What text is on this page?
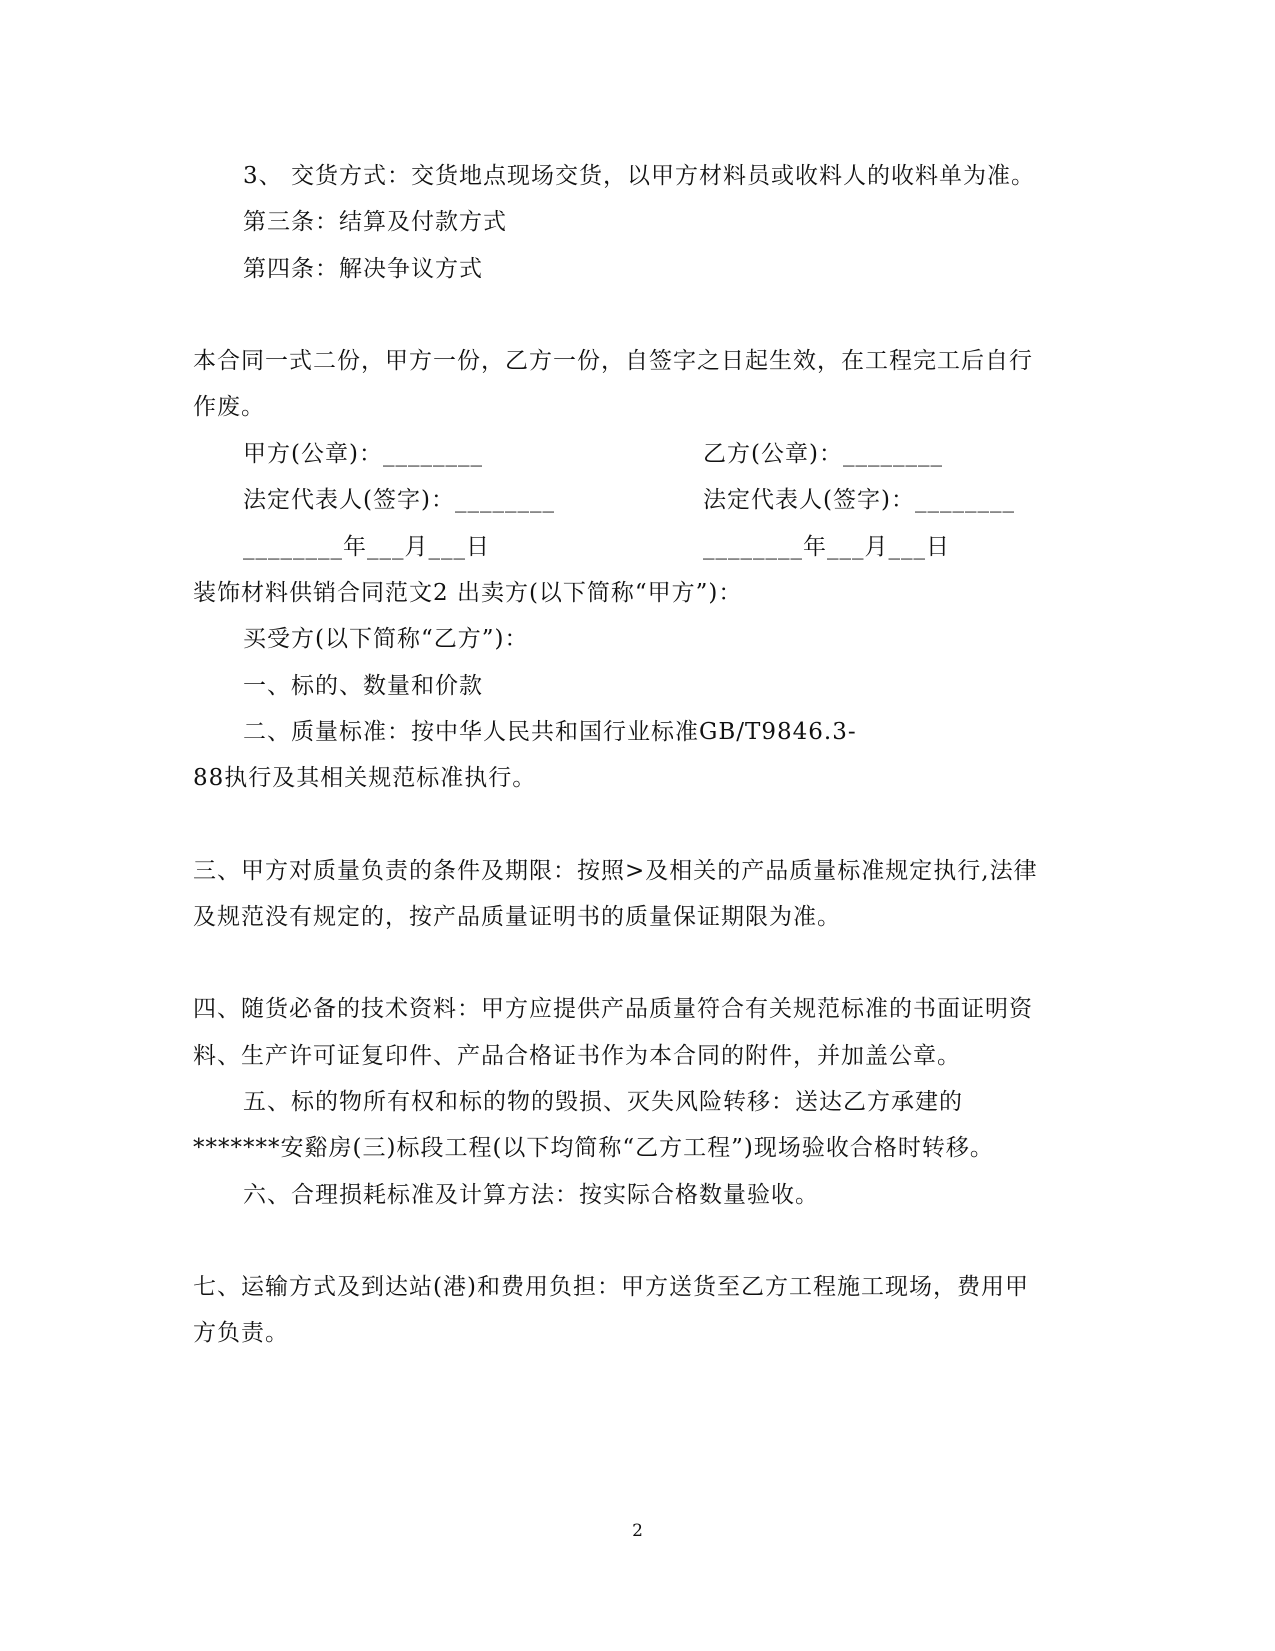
3、 交货方式：交货地点现场交货，以甲方材料员或收料人的收料单为准。
第三条：结算及付款方式
第四条：解决争议方式
本合同一式二份，甲方一份，乙方一份，自签字之日起生效，在工程完工后自行
作废。
甲方(公章)：________	乙方(公章)：________
法定代表人(签字)：________	法定代表人(签字)：________
________年___月___日	________年___月___日
装饰材料供销合同范文2 出卖方(以下简称“甲方”)：
买受方(以下简称“乙方”)：
一、标的、数量和价款
二、质量标准：按中华人民共和国行业标准GB/T9846.3-
88执行及其相关规范标准执行。
三、甲方对质量负责的条件及期限：按照>及相关的产品质量标准规定执行,法律
及规范没有规定的，按产品质量证明书的质量保证期限为准。
四、随货必备的技术资料：甲方应提供产品质量符合有关规范标准的书面证明资
料、生产许可证复印件、产品合格证书作为本合同的附件，并加盖公章。
五、标的物所有权和标的物的毁损、灭失风险转移：送达乙方承建的
*******安谿房(三)标段工程(以下均简称“乙方工程”)现场验收合格时转移。
六、合理损耗标准及计算方法：按实际合格数量验收。
七、运输方式及到达站(港)和费用负担：甲方送货至乙方工程施工现场，费用甲
方负责。
2
